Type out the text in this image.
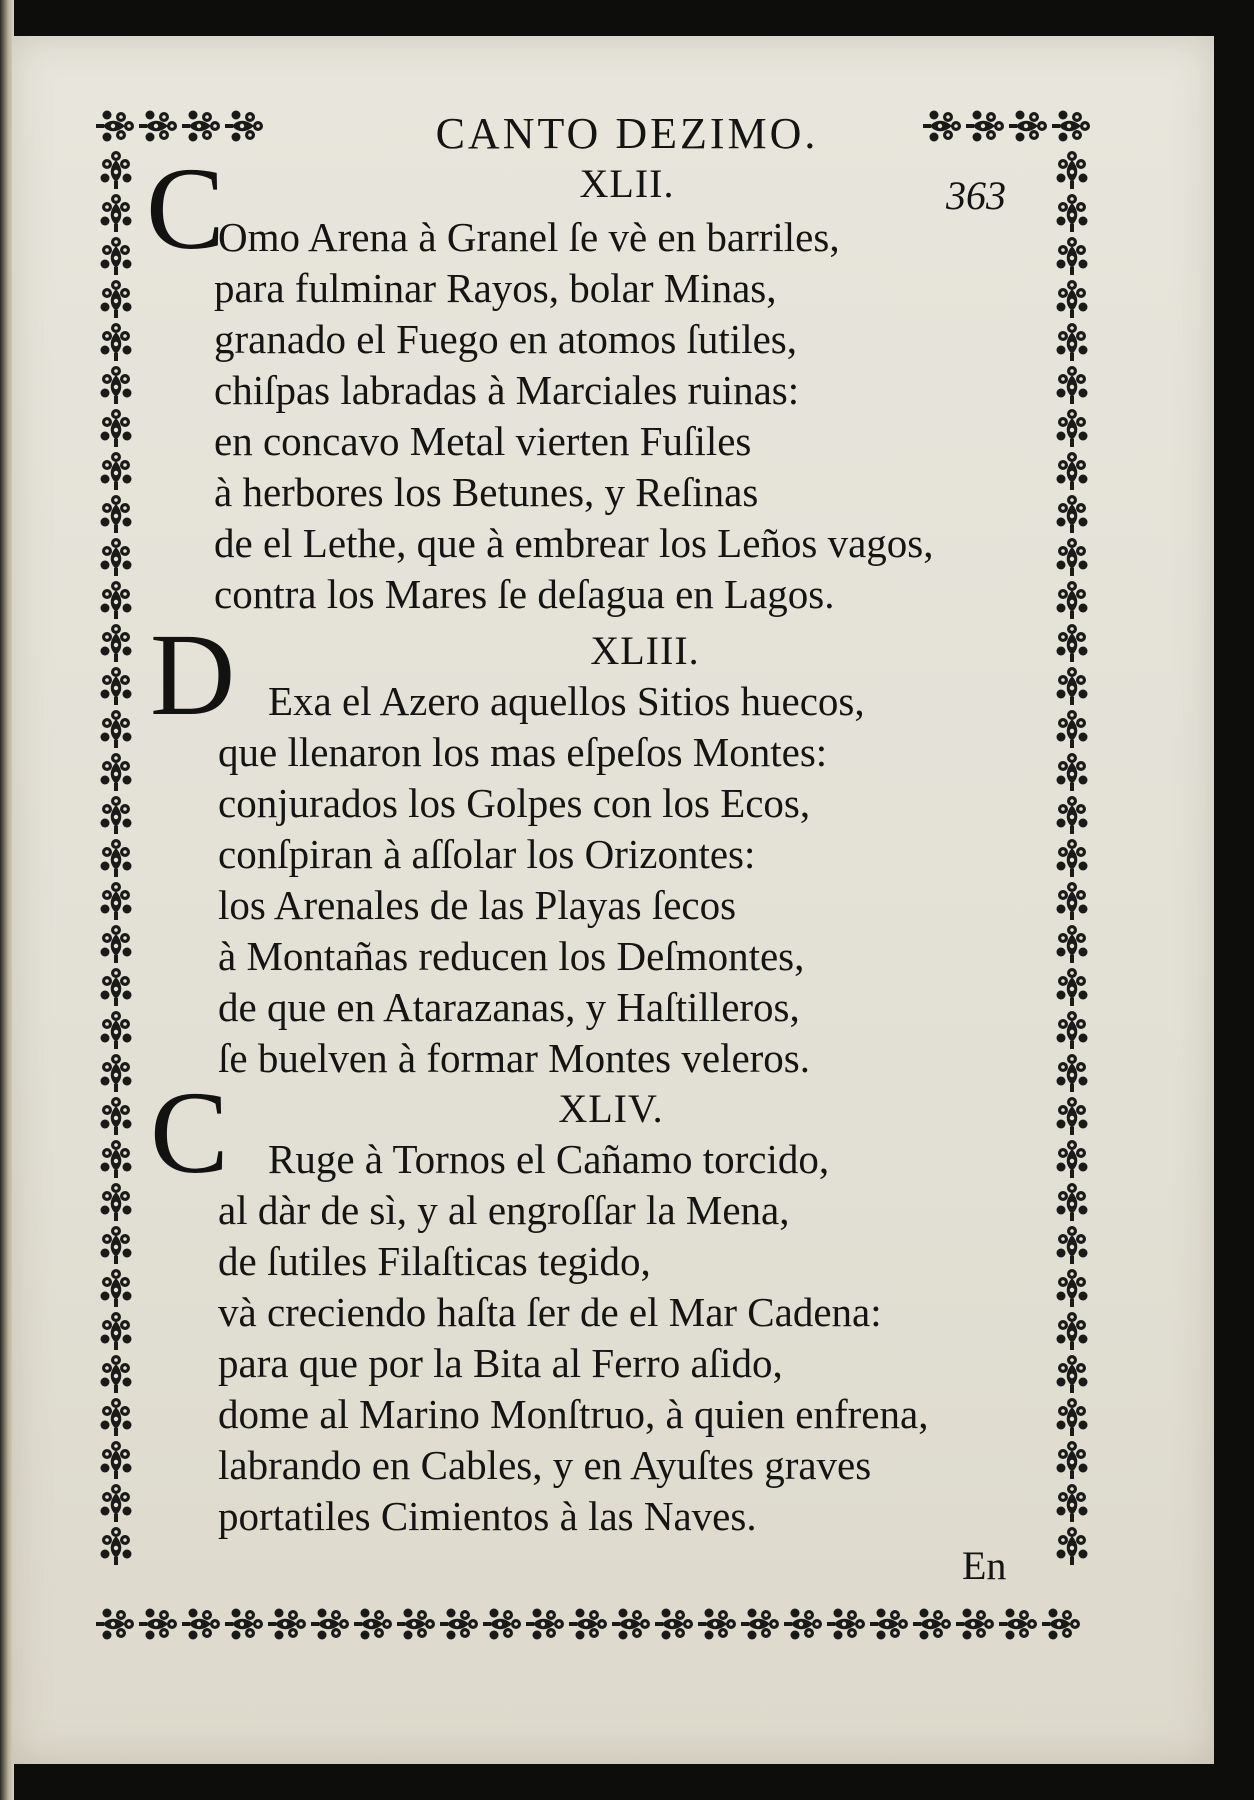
CANTO DEZIMO.
363
XLII.
C
Omo Arena à Granel ſe vè en barriles,
para fulminar Rayos, bolar Minas,
granado el Fuego en atomos ſutiles,
chiſpas labradas à Marciales ruinas:
en concavo Metal vierten Fuſiles
à herbores los Betunes, y Reſinas
de el Lethe, que à embrear los Leños vagos,
contra los Mares ſe deſagua en Lagos.
XLIII.
D Exa el Azero aquellos Sitios huecos,
que llenaron los mas eſpeſos Montes:
conjurados los Golpes con los Ecos,
conſpiran à aſſolar los Orizontes:
los Arenales de las Playas ſecos
à Montañas reducen los Deſmontes,
de que en Atarazanas, y Haſtilleros,
ſe buelven à formar Montes veleros.
XLIV.
C Ruge à Tornos el Cañamo torcido,
al dàr de sì, y al engroſſar la Mena,
de ſutiles Filaſticas tegido,
và creciendo haſta ſer de el Mar Cadena:
para que por la Bita al Ferro aſido,
dome al Marino Monſtruo, à quien enfrena,
labrando en Cables, y en Ayuſtes graves
portatiles Cimientos à las Naves.
En
